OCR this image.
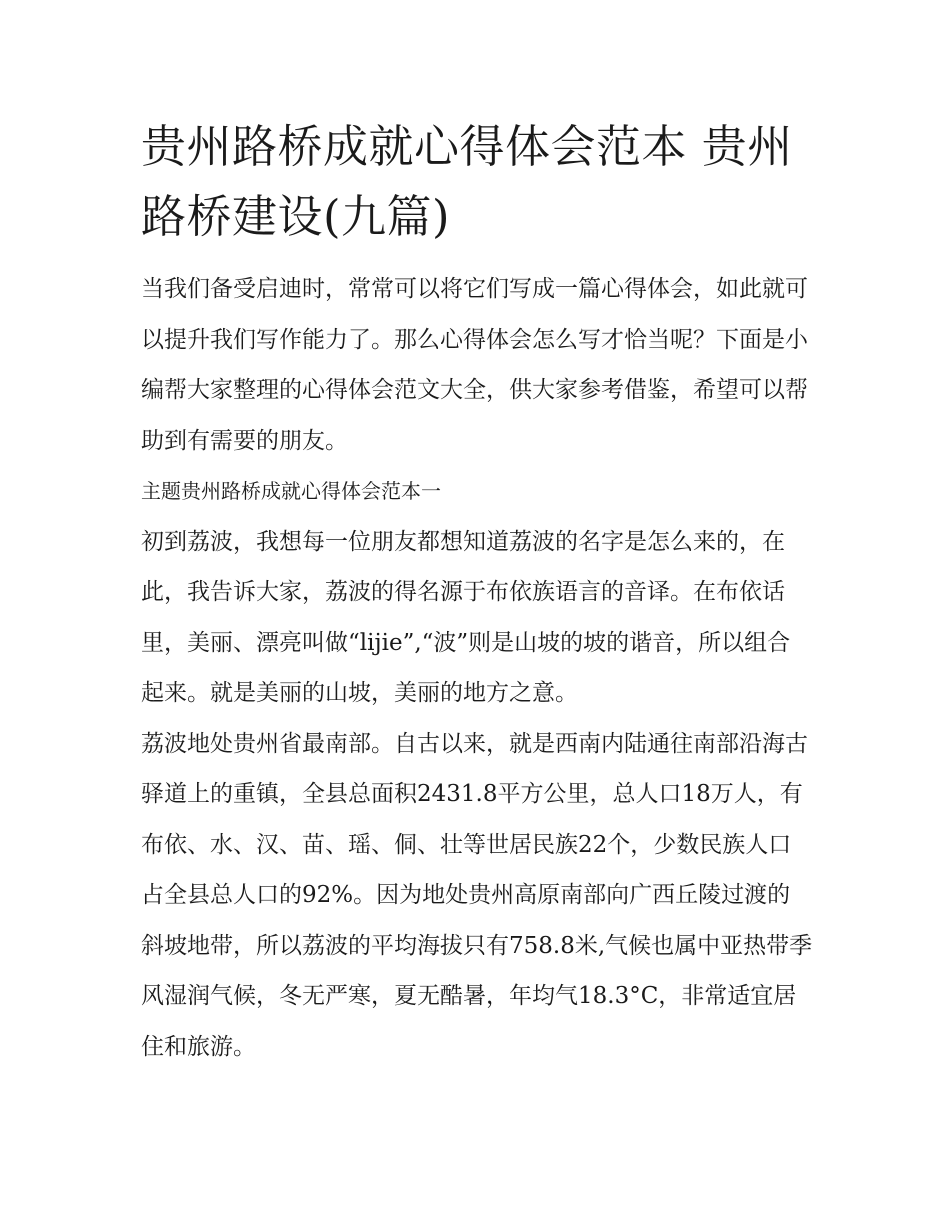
贵州路桥成就心得体会范本 贵州路桥建设(九篇)

当我们备受启迪时，常常可以将它们写成一篇心得体会，如此就可以提升我们写作能力了。那么心得体会怎么写才恰当呢？下面是小编帮大家整理的心得体会范文大全，供大家参考借鉴，希望可以帮助到有需要的朋友。

主题贵州路桥成就心得体会范本一

初到荔波，我想每一位朋友都想知道荔波的名字是怎么来的，在此，我告诉大家，荔波的得名源于布依族语言的音译。在布依话里，美丽、漂亮叫做“lijie”,“波”则是山坡的坡的谐音，所以组合起来。就是美丽的山坡，美丽的地方之意。

荔波地处贵州省最南部。自古以来，就是西南内陆通往南部沿海古驿道上的重镇，全县总面积2431.8平方公里，总人口18万人，有布依、水、汉、苗、瑶、侗、壮等世居民族22个，少数民族人口占全县总人口的92%。因为地处贵州高原南部向广西丘陵过渡的斜坡地带，所以荔波的平均海拔只有758.8米,气候也属中亚热带季风湿润气候，冬无严寒，夏无酷暑，年均气18.3°C，非常适宜居住和旅游。
